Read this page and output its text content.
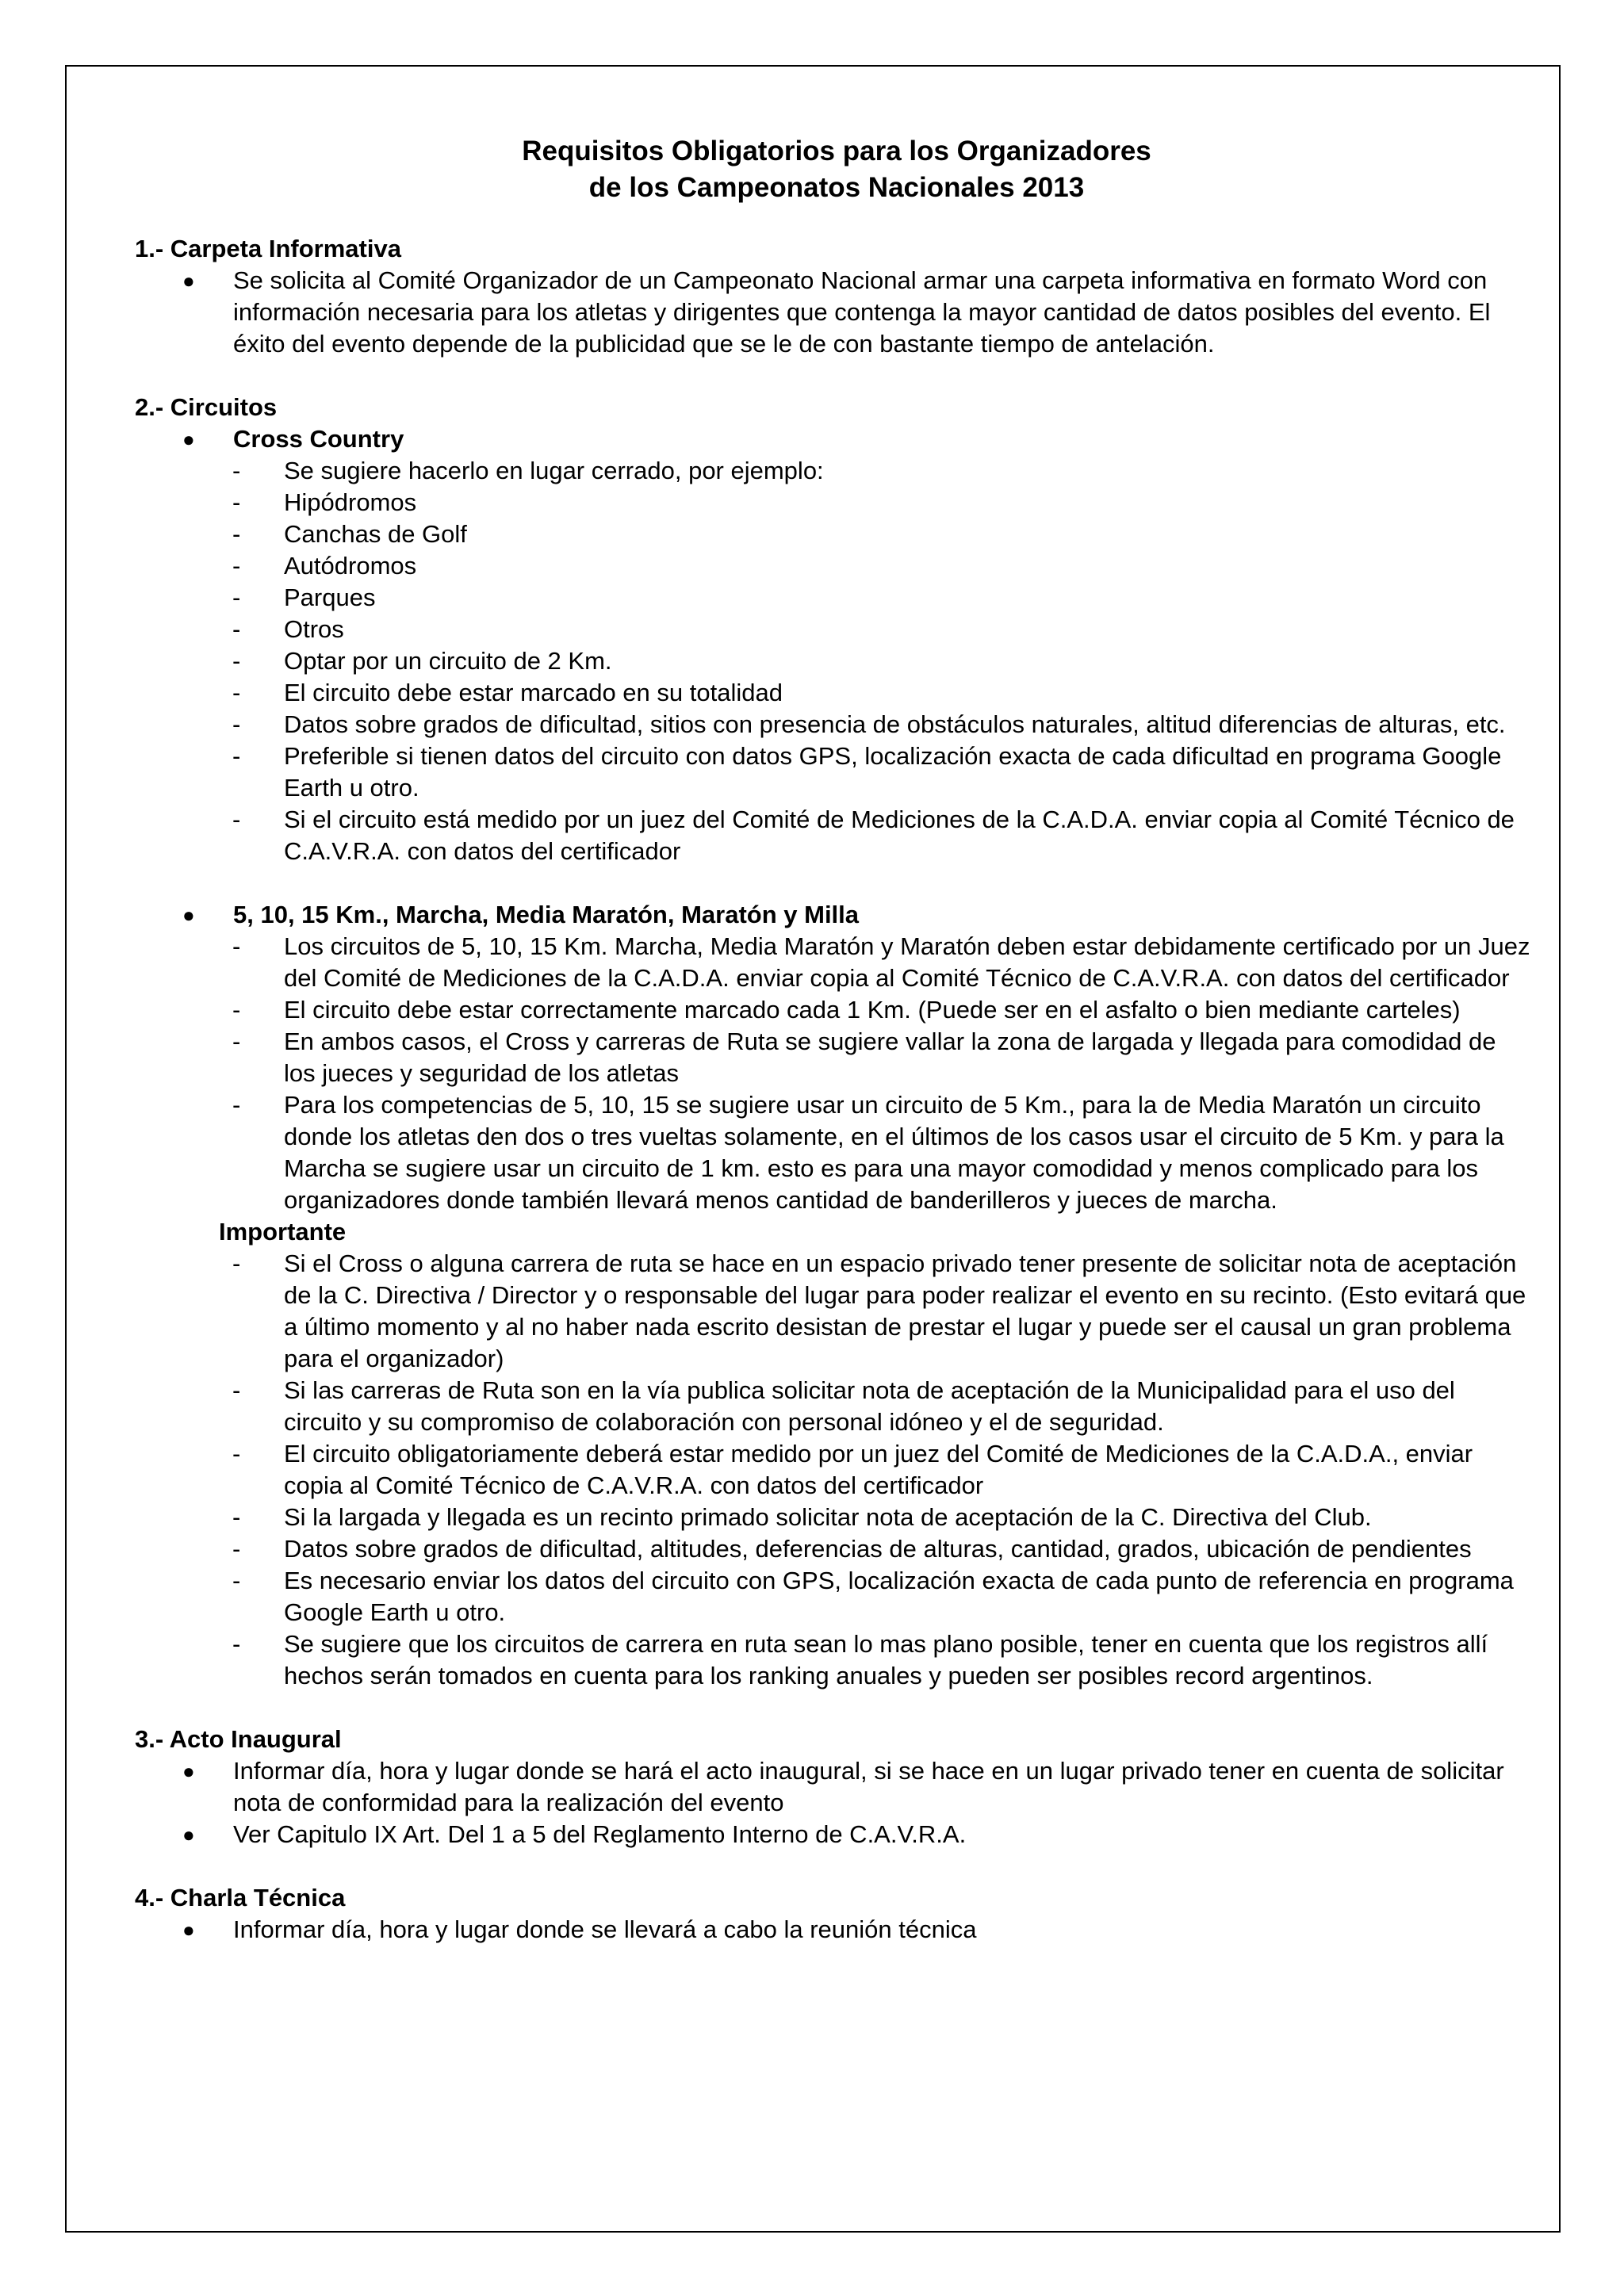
Requisitos Obligatorios para los Organizadores
de los Campeonatos Nacionales 2013

1.- Carpeta Informativa

● Se solicita al Comité Organizador de un Campeonato Nacional armar una carpeta informativa en formato Word con información necesaria para los atletas y dirigentes que contenga la mayor cantidad de datos posibles del evento. El éxito del evento depende de la publicidad que se le de con bastante tiempo de antelación.

2.- Circuitos

● Cross Country
- Se sugiere hacerlo en lugar cerrado, por ejemplo:
- Hipódromos
- Canchas de Golf
- Autódromos
- Parques
- Otros
- Optar por un circuito de 2 Km.
- El circuito debe estar marcado en su totalidad
- Datos sobre grados de dificultad, sitios con presencia de obstáculos naturales, altitud diferencias de alturas, etc.
- Preferible si tienen datos del circuito con datos GPS, localización exacta de cada dificultad en programa Google Earth u otro.
- Si el circuito está medido por un juez del Comité de Mediciones de la C.A.D.A. enviar copia al Comité Técnico de C.A.V.R.A. con datos del certificador
● 5, 10, 15 Km., Marcha, Media Maratón, Maratón y Milla
- Los circuitos de 5, 10, 15 Km. Marcha, Media Maratón y Maratón deben estar debidamente certificado por un Juez del Comité de Mediciones de la C.A.D.A. enviar copia al Comité Técnico de C.A.V.R.A. con datos del certificador
- El circuito debe estar correctamente marcado cada 1 Km. (Puede ser en el asfalto o bien mediante carteles)
- En ambos casos, el Cross y carreras de Ruta se sugiere vallar la zona de largada y llegada para comodidad de los jueces y seguridad de los atletas
- Para los competencias de 5, 10, 15 se sugiere usar un circuito de 5 Km., para la de Media Maratón un circuito donde los atletas den dos o tres vueltas solamente, en el últimos de los casos usar el circuito de 5 Km. y para la Marcha se sugiere usar un circuito de 1 km. esto es para una mayor comodidad y menos complicado para los organizadores donde también llevará menos cantidad de banderilleros y jueces de marcha.

Importante

- Si el Cross o alguna carrera de ruta se hace en un espacio privado tener presente de solicitar nota de aceptación de la C. Directiva / Director y o responsable del lugar para poder realizar el evento en su recinto. (Esto evitará que a último momento y al no haber nada escrito desistan de prestar el lugar y puede ser el causal un gran problema para el organizador)
- Si las carreras de Ruta son en la vía publica solicitar nota de aceptación de la Municipalidad para el uso del circuito y su compromiso de colaboración con personal idóneo y el de seguridad.
- El circuito obligatoriamente deberá estar medido por un juez del Comité de Mediciones de la C.A.D.A., enviar copia al Comité Técnico de C.A.V.R.A. con datos del certificador
- Si la largada y llegada es un recinto primado solicitar nota de aceptación de la C. Directiva del Club.
- Datos sobre grados de dificultad, altitudes, deferencias de alturas, cantidad, grados, ubicación de pendientes
- Es necesario enviar los datos del circuito con GPS, localización exacta de cada punto de referencia en programa Google Earth u otro.
- Se sugiere que los circuitos de carrera en ruta sean lo mas plano posible, tener en cuenta que los registros allí hechos serán tomados en cuenta para los ranking anuales y pueden ser posibles record argentinos.

3.- Acto Inaugural

● Informar día, hora y lugar donde se hará el acto inaugural, si se hace en un lugar privado tener en cuenta de solicitar nota de conformidad para la realización del evento
● Ver Capitulo IX Art. Del 1 a 5 del Reglamento Interno de C.A.V.R.A.

4.- Charla Técnica

● Informar día, hora y lugar donde se llevará a cabo la reunión técnica
